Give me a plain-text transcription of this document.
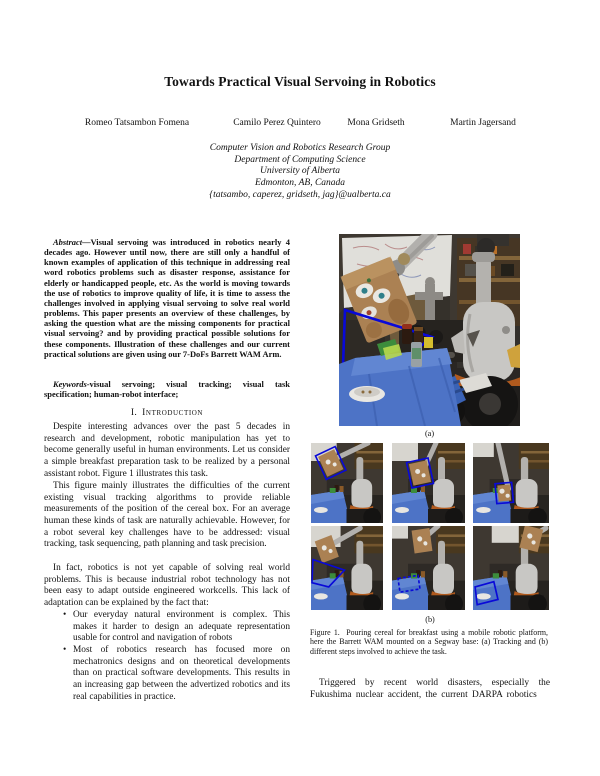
Towards Practical Visual Servoing in Robotics
Romeo Tatsambon Fomena	Camilo Perez Quintero	Mona Gridseth	Martin Jagersand
Computer Vision and Robotics Research Group
Department of Computing Science
University of Alberta
Edmonton, AB, Canada
{tatsambo, caperez, gridseth, jag}@ualberta.ca
Abstract—Visual servoing was introduced in robotics nearly 4 decades ago. However until now, there are still only a handful of known examples of application of this technique in addressing real word robotics problems such as disaster response, assistance for elderly or handicapped people, etc. As the world is moving towards the use of robotics to improve quality of life, it is time to assess the challenges involved in applying visual servoing to solve real world problems. This paper presents an overview of these challenges, by asking the question what are the missing components for practical visual servoing? and by providing practical possible solutions for these components. Illustration of these challenges and our current practical solutions are given using our 7-DoFs Barrett WAM Arm.
Keywords-visual servoing; visual tracking; visual task specification; human-robot interface;
I. Introduction
Despite interesting advances over the past 5 decades in research and development, robotic manipulation has yet to become generally useful in human environments. Let us consider a simple breakfast preparation task to be realized by a personal assistant robot. Figure 1 illustrates this task.
This figure mainly illustrates the difficulties of the current existing visual tracking algorithms to provide reliable measurements of the position of the cereal box. For an average human these kinds of task are naturally achievable. However, for a robot several key challenges have to be addressed: visual tracking, task sequencing, path planning and task precision.
In fact, robotics is not yet capable of solving real world problems. This is because industrial robot technology has not been easy to adapt outside engineered workcells. This lack of adaptation can be explained by the fact that:
• Our everyday natural environment is complex. This makes it harder to design an adequate representation usable for control and navigation of robots
• Most of robotics research has focused more on mechatronics designs and on theoretical developments than on practical software developments. This results in an increasing gap between the advertized robotics and its real capabilities in practice.
(a)
(b)
Figure 1. Pouring cereal for breakfast using a mobile robotic platform, here the Barrett WAM mounted on a Segway base: (a) Tracking and (b) different steps involved to achieve the task.
Triggered by recent world disasters, especially the Fukushima nuclear accident, the current DARPA robotics
